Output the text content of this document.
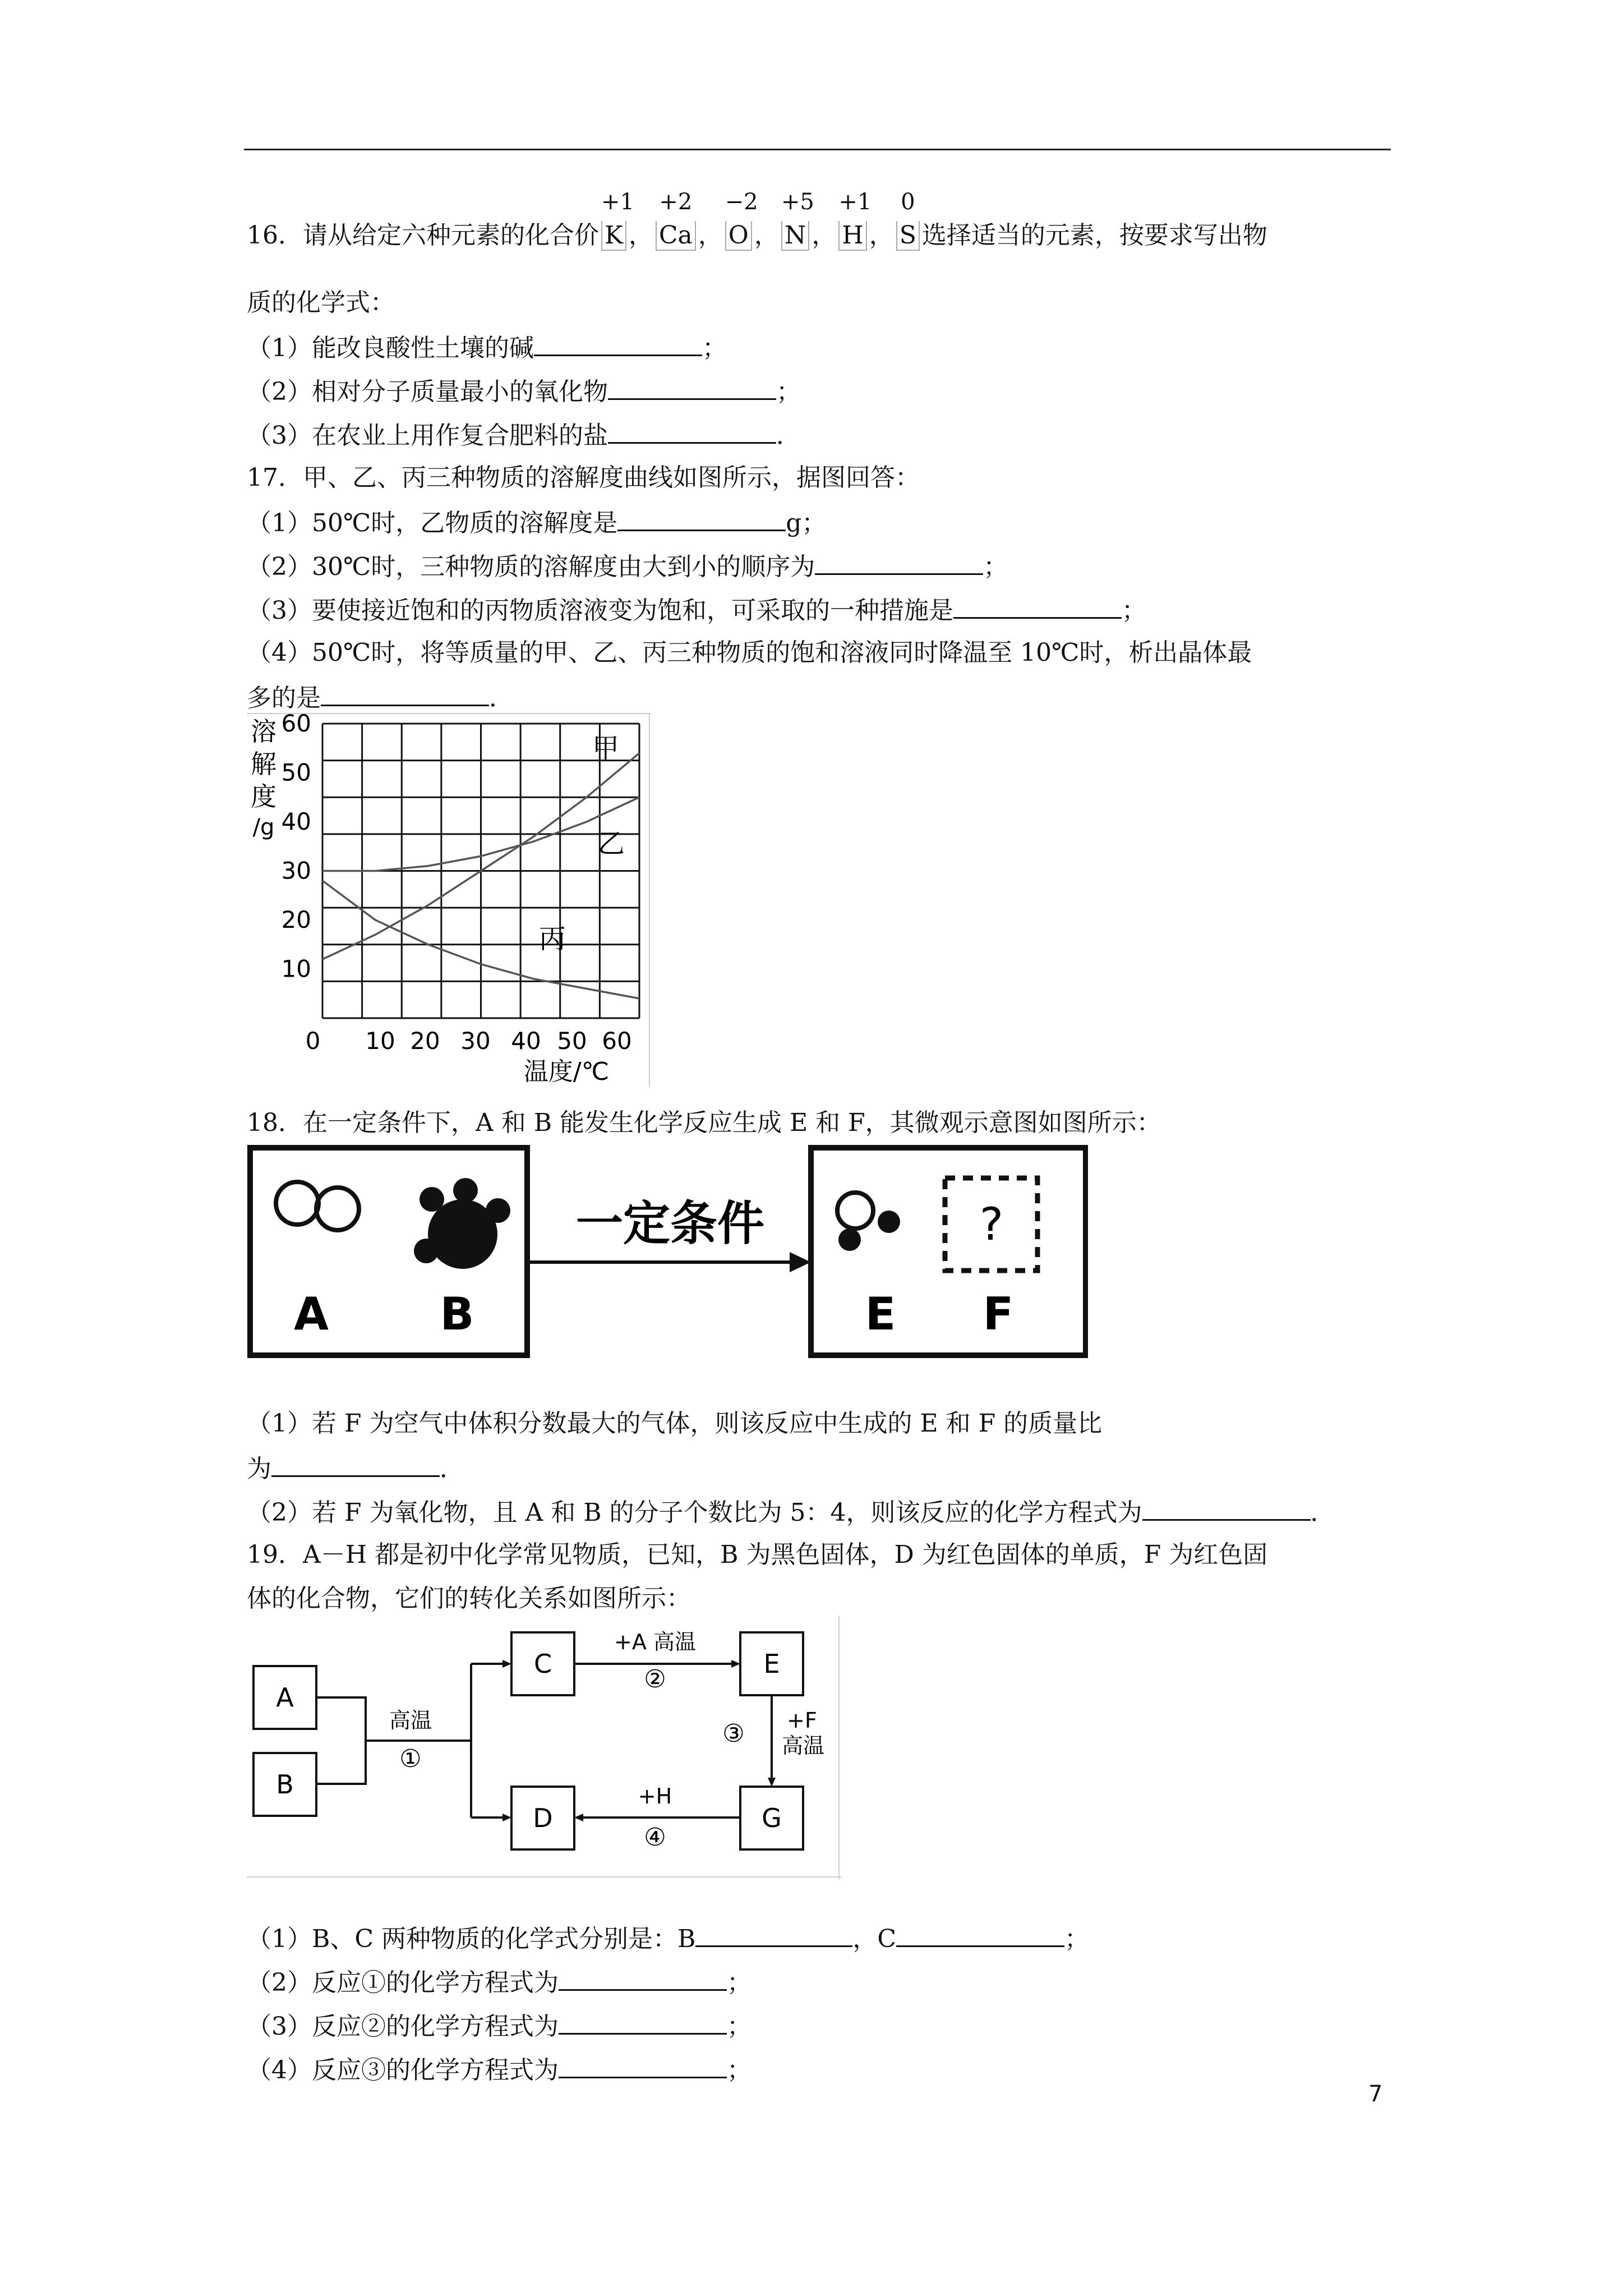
16．请从给定六种元素的化合价
+1
K ，
+2
Ca ，
−2
O ，
+5
N ，
+1
H ，
0
S 选择适当的元素，按要求写出物
质的化学式：
（1）能改良酸性土壤的碱	；
（2）相对分子质量最小的氧化物	；
（3）在农业上用作复合肥料的盐	．
17．甲、乙、丙三种物质的溶解度曲线如图所示，据图回答：
（1）50℃时，乙物质的溶解度是	g；
（2）30℃时，三种物质的溶解度由大到小的顺序为	；
（3）要使接近饱和的丙物质溶液变为饱和，可采取的一种措施是	；
（4）50℃时，将等质量的甲、乙、丙三种物质的饱和溶液同时降温至 10℃时，析出晶体最
多的是	．
10
20
30
40
50
60
0 10 20 30 40 50 60
甲
乙
丙
溶
解
度
/g
温度/℃
18．在一定条件下，A 和 B 能发生化学反应生成 E 和 F，其微观示意图如图所示：
A B
一定条件	?
E F
（1）若 F 为空气中体积分数最大的气体，则该反应中生成的 E 和 F 的质量比
为	．
（2）若 F 为氧化物，且 A 和 B 的分子个数比为 5：4，则该反应的化学方程式为	．
19．A－H 都是初中化学常见物质，已知，B 为黑色固体，D 为红色固体的单质，F 为红色固
体的化合物，它们的转化关系如图所示：
A
B
C
D
E
G
高温
①
+A 高温
②
+F
高温
③
+H
④
（1）B、C 两种物质的化学式分别是：B	，C	；
（2）反应①的化学方程式为	；
（3）反应②的化学方程式为	；
（4）反应③的化学方程式为	；
7
